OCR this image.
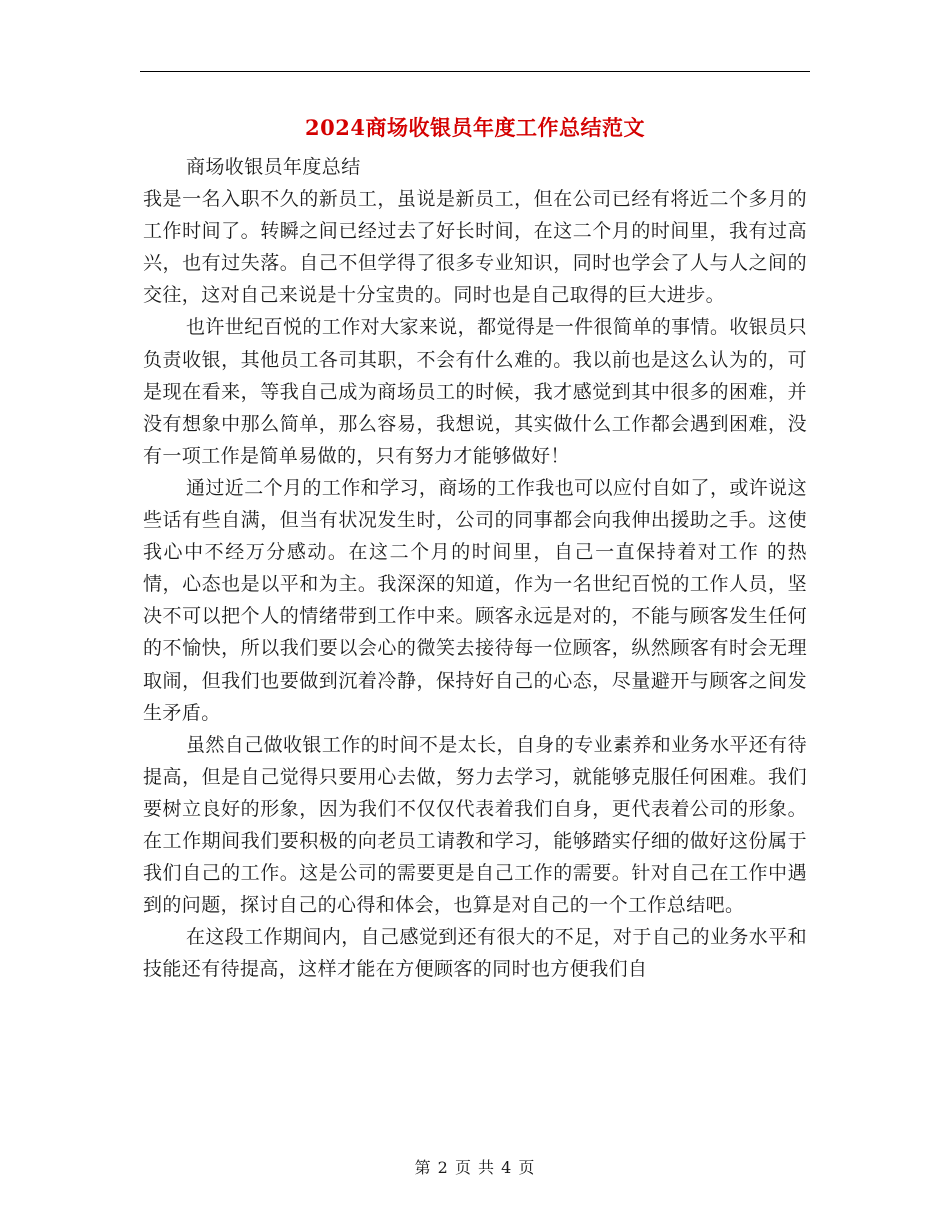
2024商场收银员年度工作总结范文

商场收银员年度总结

我是一名入职不久的新员工，虽说是新员工，但在公司已经有将近二个多月的工作时间了。转瞬之间已经过去了好长时间，在这二个月的时间里，我有过高兴，也有过失落。自己不但学得了很多专业知识，同时也学会了人与人之间的交往，这对自己来说是十分宝贵的。同时也是自己取得的巨大进步。

也许世纪百悦的工作对大家来说，都觉得是一件很简单的事情。收银员只负责收银，其他员工各司其职，不会有什么难的。我以前也是这么认为的，可是现在看来，等我自己成为商场员工的时候，我才感觉到其中很多的困难，并没有想象中那么简单，那么容易，我想说，其实做什么工作都会遇到困难，没有一项工作是简单易做的，只有努力才能够做好！

通过近二个月的工作和学习，商场的工作我也可以应付自如了，或许说这些话有些自满，但当有状况发生时，公司的同事都会向我伸出援助之手。这使我心中不经万分感动。在这二个月的时间里，自己一直保持着对工作 的热情，心态也是以平和为主。我深深的知道，作为一名世纪百悦的工作人员，坚决不可以把个人的情绪带到工作中来。顾客永远是对的，不能与顾客发生任何的不愉快，所以我们要以会心的微笑去接待每一位顾客，纵然顾客有时会无理取闹，但我们也要做到沉着冷静，保持好自己的心态，尽量避开与顾客之间发生矛盾。

虽然自己做收银工作的时间不是太长，自身的专业素养和业务水平还有待提高，但是自己觉得只要用心去做，努力去学习，就能够克服任何困难。我们要树立良好的形象，因为我们不仅仅代表着我们自身，更代表着公司的形象。在工作期间我们要积极的向老员工请教和学习，能够踏实仔细的做好这份属于我们自己的工作。这是公司的需要更是自己工作的需要。针对自己在工作中遇到的问题，探讨自己的心得和体会，也算是对自己的一个工作总结吧。

在这段工作期间内，自己感觉到还有很大的不足，对于自己的业务水平和技能还有待提高，这样才能在方便顾客的同时也方便我们自

第 2 页 共 4 页
